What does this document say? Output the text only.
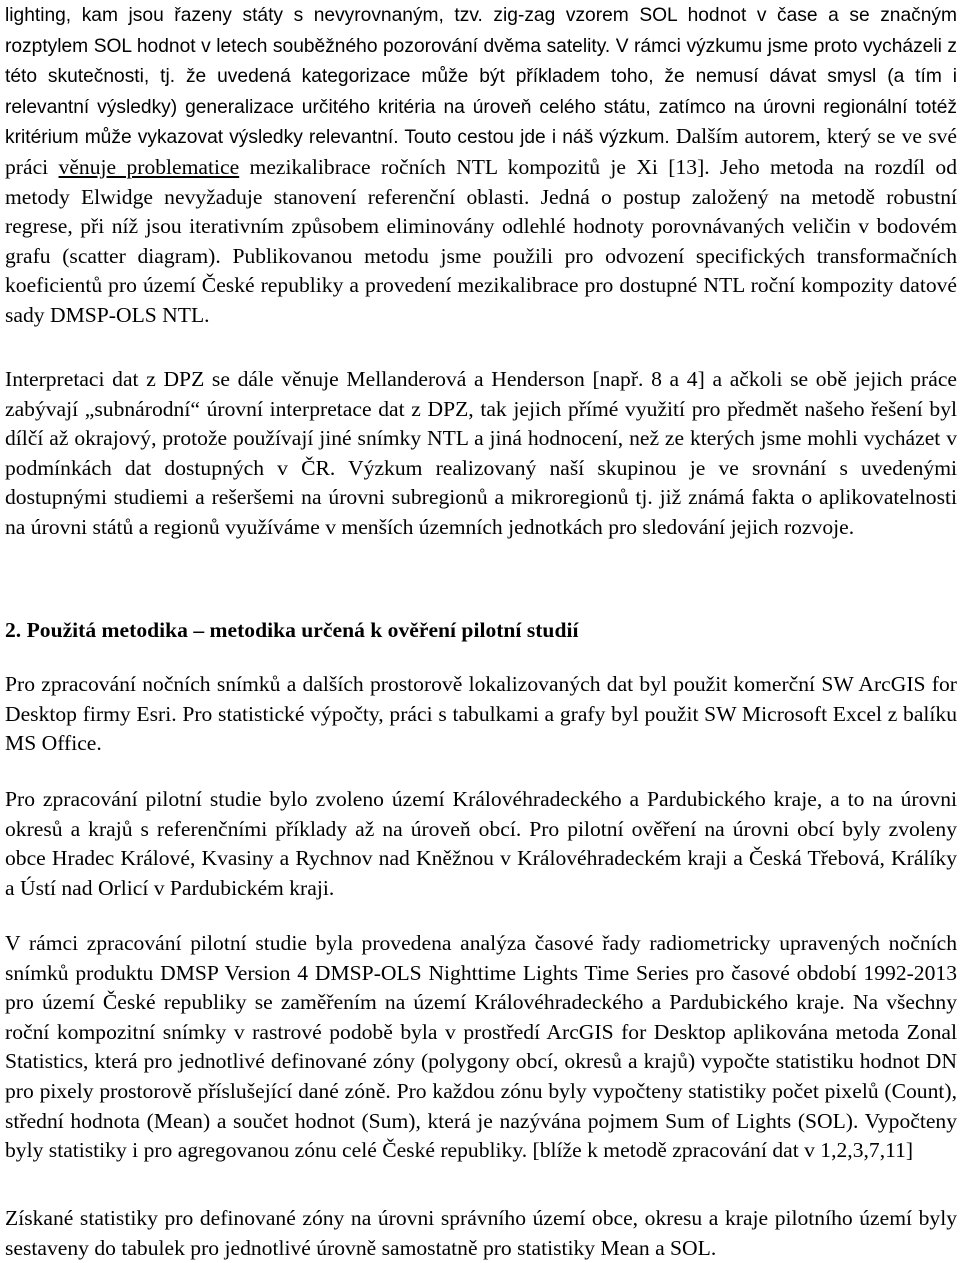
lighting, kam jsou řazeny státy s nevyrovnaným, tzv. zig-zag vzorem SOL hodnot v čase a se značným rozptylem SOL hodnot v letech souběžného pozorování dvěma satelity. V rámci výzkumu jsme proto vycházeli z této skutečnosti, tj. že uvedená kategorizace může být příkladem toho, že nemusí dávat smysl (a tím i relevantní výsledky) generalizace určitého kritéria na úroveň celého státu, zatímco na úrovni regionální totéž kritérium může vykazovat výsledky relevantní. Touto cestou jde i náš výzkum. Dalším autorem, který se ve své práci věnuje problematice mezikalibrace ročních NTL kompozitů je Xi [13]. Jeho metoda na rozdíl od metody Elwidge nevyžaduje stanovení referenční oblasti. Jedná o postup založený na metodě robustní regrese, při níž jsou iterativním způsobem eliminovány odlehlé hodnoty porovnávaných veličin v bodovém grafu (scatter diagram). Publikovanou metodu jsme použili pro odvození specifických transformačních koeficientů pro území České republiky a provedení mezikalibrace pro dostupné NTL roční kompozity datové sady DMSP-OLS NTL.

Interpretaci dat z DPZ se dále věnuje Mellanderová a Henderson [např. 8 a 4] a ačkoli se obě jejich práce zabývají „subnárodní“ úrovní interpretace dat z DPZ, tak jejich přímé využití pro předmět našeho řešení byl dílčí až okrajový, protože používají jiné snímky NTL a jiná hodnocení, než ze kterých jsme mohli vycházet v podmínkách dat dostupných v ČR. Výzkum realizovaný naší skupinou je ve srovnání s uvedenými dostupnými studiemi a rešeršemi na úrovni subregionů a mikroregionů tj. již známá fakta o aplikovatelnosti na úrovni států a regionů využíváme v menších územních jednotkách pro sledování jejich rozvoje.

2. Použitá metodika – metodika určená k ověření pilotní studií

Pro zpracování nočních snímků a dalších prostorově lokalizovaných dat byl použit komerční SW ArcGIS for Desktop firmy Esri. Pro statistické výpočty, práci s tabulkami a grafy byl použit SW Microsoft Excel z balíku MS Office.

Pro zpracování pilotní studie bylo zvoleno území Královéhradeckého a Pardubického kraje, a to na úrovni okresů a krajů s referenčními příklady až na úroveň obcí. Pro pilotní ověření na úrovni obcí byly zvoleny obce Hradec Králové, Kvasiny a Rychnov nad Kněžnou v Královéhradeckém kraji a Česká Třebová, Králíky a Ústí nad Orlicí v Pardubickém kraji.

V rámci zpracování pilotní studie byla provedena analýza časové řady radiometricky upravených nočních snímků produktu DMSP Version 4 DMSP-OLS Nighttime Lights Time Series pro časové období 1992-2013 pro území České republiky se zaměřením na území Královéhradeckého a Pardubického kraje. Na všechny roční kompozitní snímky v rastrové podobě byla v prostředí ArcGIS for Desktop aplikována metoda Zonal Statistics, která pro jednotlivé definované zóny (polygony obcí, okresů a krajů) vypočte statistiku hodnot DN pro pixely prostorově příslušející dané zóně. Pro každou zónu byly vypočteny statistiky počet pixelů (Count), střední hodnota (Mean) a součet hodnot (Sum), která je nazývána pojmem Sum of Lights (SOL). Vypočteny byly statistiky i pro agregovanou zónu celé České republiky. [blíže k metodě zpracování dat v 1,2,3,7,11]

Získané statistiky pro definované zóny na úrovni správního území obce, okresu a kraje pilotního území byly sestaveny do tabulek pro jednotlivé úrovně samostatně pro statistiky Mean a SOL.
